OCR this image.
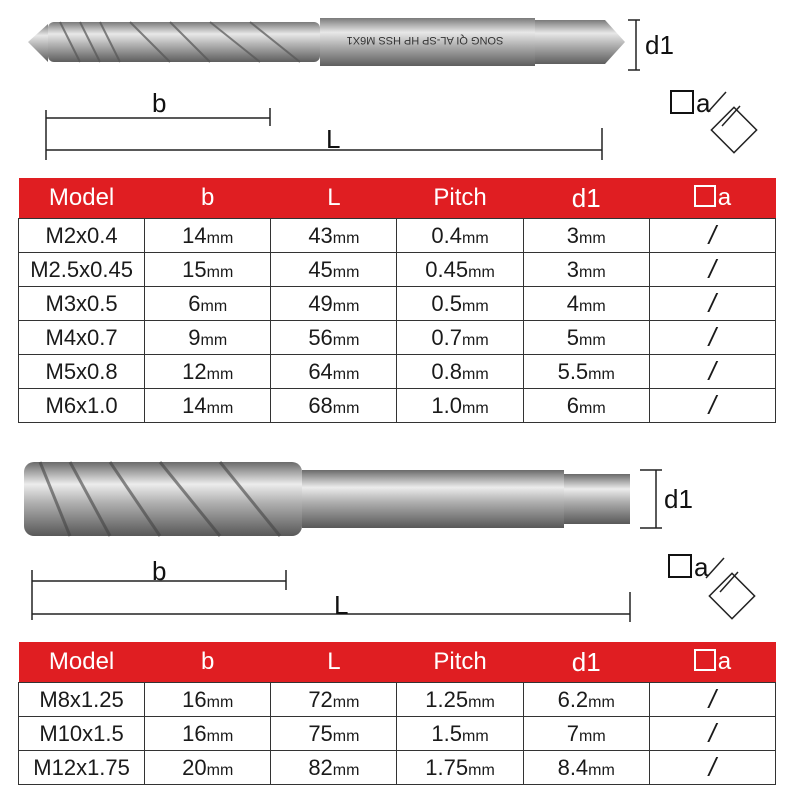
SONG QI AL-SP HP HSS M6X1	d1
b
L
a
Model	b	L	Pitch	d1	a
M2x0.4	14mm	43mm	0.4mm	3mm	/
M2.5x0.45	15mm	45mm	0.45mm	3mm	/
M3x0.5	6mm	49mm	0.5mm	4mm	/
M4x0.7	9mm	56mm	0.7mm	5mm	/
M5x0.8	12mm	64mm	0.8mm	5.5mm	/
M6x1.0	14mm	68mm	1.0mm	6mm	/
d1
b
L
a
Model	b	L	Pitch	d1	a
M8x1.25	16mm	72mm	1.25mm	6.2mm	/
M10x1.5	16mm	75mm	1.5mm	7mm	/
M12x1.75	20mm	82mm	1.75mm	8.4mm	/
